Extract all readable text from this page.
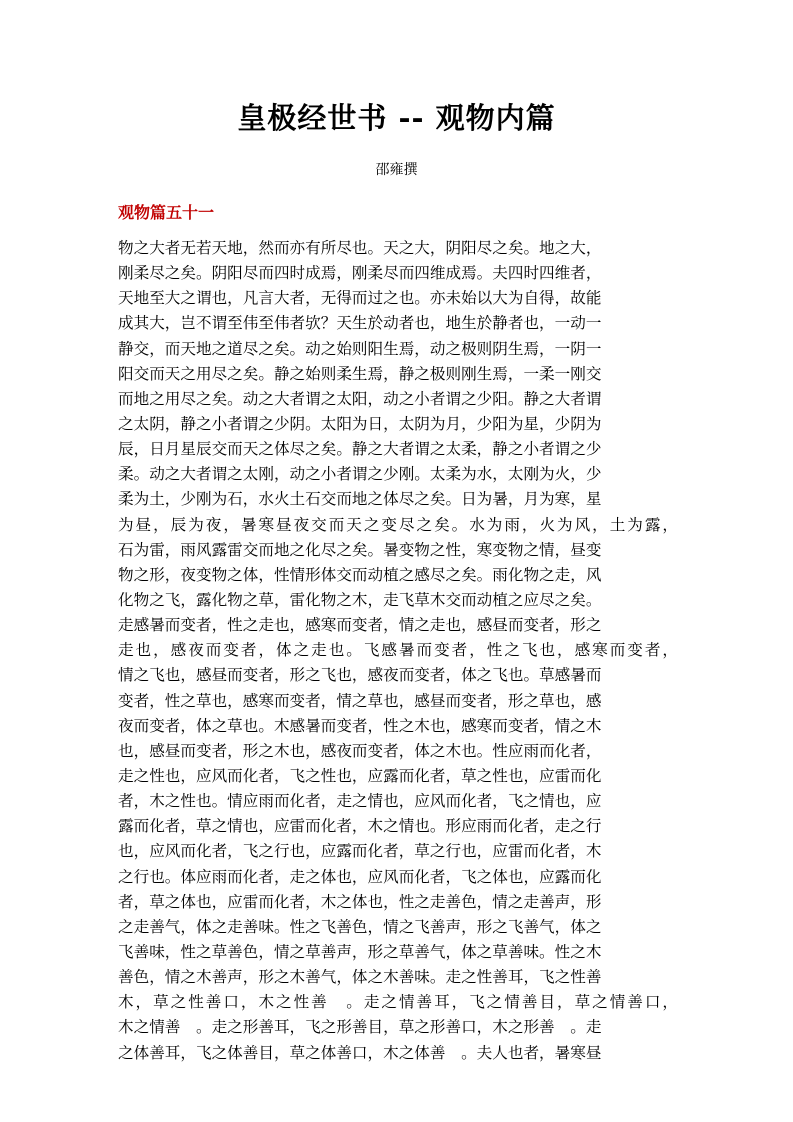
皇极经世书 -- 观物内篇
邵雍撰
观物篇五十一
物之大者无若天地，然而亦有所尽也。天之大，阴阳尽之矣。地之大，
刚柔尽之矣。阴阳尽而四时成焉，刚柔尽而四维成焉。夫四时四维者，
天地至大之谓也，凡言大者，无得而过之也。亦未始以大为自得，故能
成其大，岂不谓至伟至伟者欤？天生於动者也，地生於静者也，一动一
静交，而天地之道尽之矣。动之始则阳生焉，动之极则阴生焉，一阴一
阳交而天之用尽之矣。静之始则柔生焉，静之极则刚生焉，一柔一刚交
而地之用尽之矣。动之大者谓之太阳，动之小者谓之少阳。静之大者谓
之太阴，静之小者谓之少阴。太阳为日，太阴为月，少阳为星，少阴为
辰，日月星辰交而天之体尽之矣。静之大者谓之太柔，静之小者谓之少
柔。动之大者谓之太刚，动之小者谓之少刚。太柔为水，太刚为火，少
柔为土，少刚为石，水火土石交而地之体尽之矣。日为暑，月为寒，星
为昼，辰为夜，暑寒昼夜交而天之变尽之矣。水为雨，火为风，土为露，
石为雷，雨风露雷交而地之化尽之矣。暑变物之性，寒变物之情，昼变
物之形，夜变物之体，性情形体交而动植之感尽之矣。雨化物之走，风
化物之飞，露化物之草，雷化物之木，走飞草木交而动植之应尽之矣。
走感暑而变者，性之走也，感寒而变者，情之走也，感昼而变者，形之
走也，感夜而变者，体之走也。飞感暑而变者，性之飞也，感寒而变者，
情之飞也，感昼而变者，形之飞也，感夜而变者，体之飞也。草感暑而
变者，性之草也，感寒而变者，情之草也，感昼而变者，形之草也，感
夜而变者，体之草也。木感暑而变者，性之木也，感寒而变者，情之木
也，感昼而变者，形之木也，感夜而变者，体之木也。性应雨而化者，
走之性也，应风而化者，飞之性也，应露而化者，草之性也，应雷而化
者，木之性也。情应雨而化者，走之情也，应风而化者，飞之情也，应
露而化者，草之情也，应雷而化者，木之情也。形应雨而化者，走之行
也，应风而化者，飞之行也，应露而化者，草之行也，应雷而化者，木
之行也。体应雨而化者，走之体也，应风而化者，飞之体也，应露而化
者，草之体也，应雷而化者，木之体也，性之走善色，情之走善声，形
之走善气，体之走善味。性之飞善色，情之飞善声，形之飞善气，体之
飞善味，性之草善色，情之草善声，形之草善气，体之草善味。性之木
善色，情之木善声，形之木善气，体之木善味。走之性善耳，飞之性善
木，草之性善口，木之性善　。走之情善耳，飞之情善目，草之情善口，
木之情善　。走之形善耳，飞之形善目，草之形善口，木之形善　。走
之体善耳，飞之体善目，草之体善口，木之体善　。夫人也者，暑寒昼
